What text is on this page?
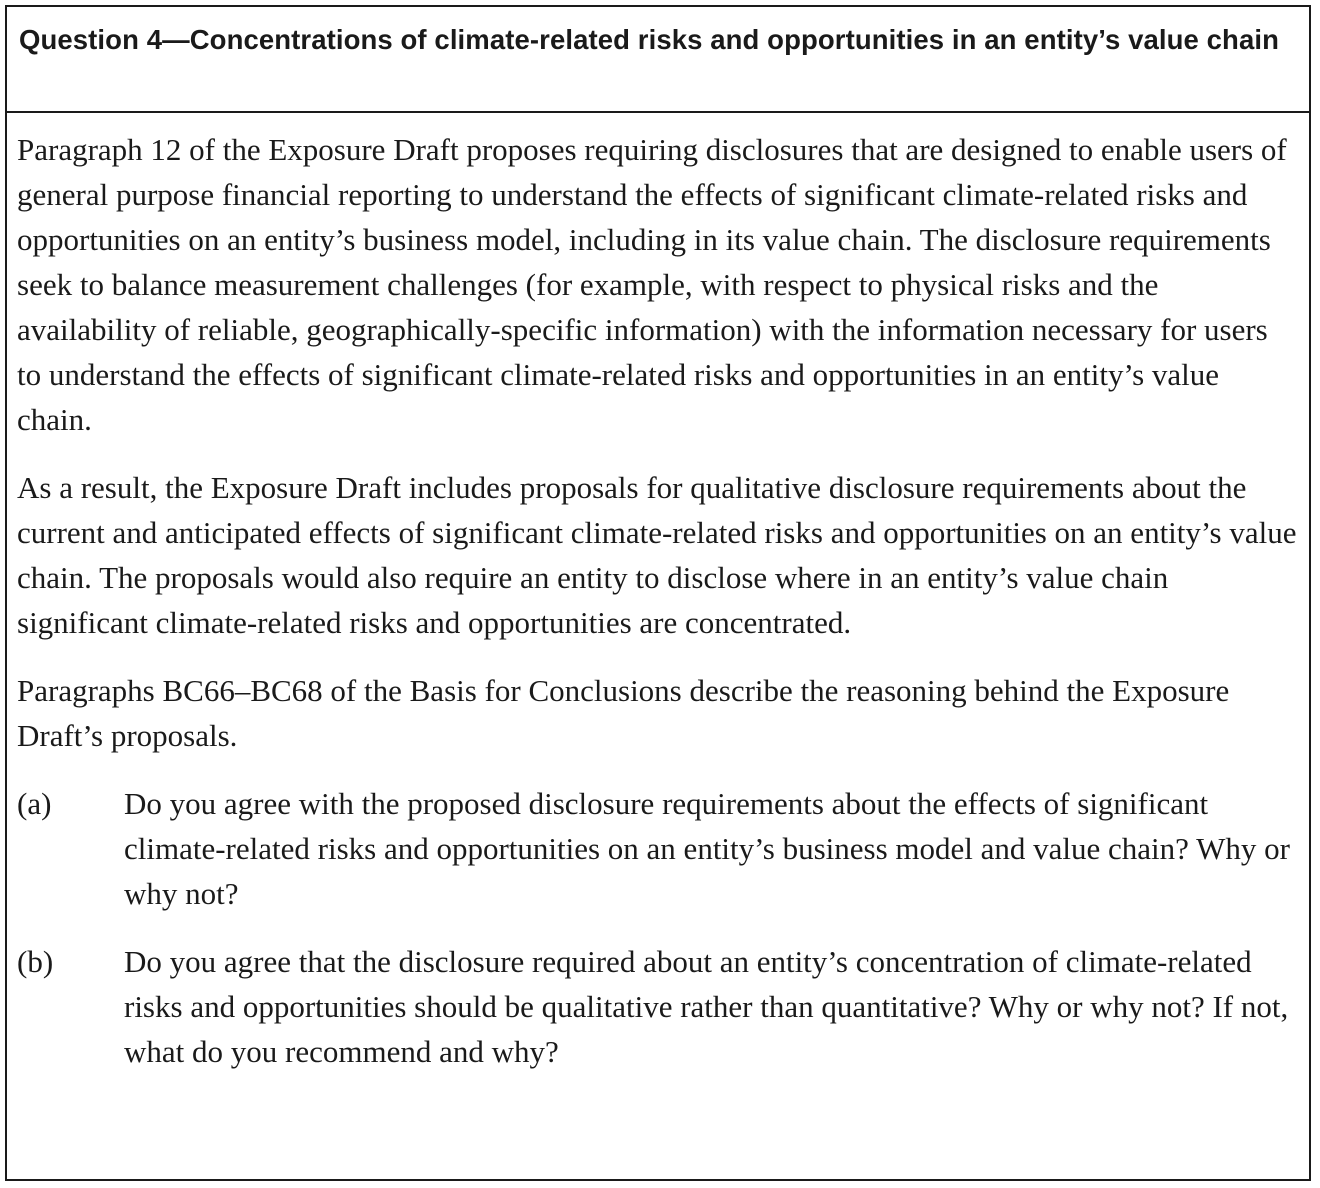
Question 4—Concentrations of climate-related risks and opportunities in an entity’s value chain

Paragraph 12 of the Exposure Draft proposes requiring disclosures that are designed to enable users of general purpose financial reporting to understand the effects of significant climate-related risks and opportunities on an entity’s business model, including in its value chain. The disclosure requirements seek to balance measurement challenges (for example, with respect to physical risks and the availability of reliable, geographically-specific information) with the information necessary for users to understand the effects of significant climate-related risks and opportunities in an entity’s value chain.

As a result, the Exposure Draft includes proposals for qualitative disclosure requirements about the current and anticipated effects of significant climate-related risks and opportunities on an entity’s value chain. The proposals would also require an entity to disclose where in an entity’s value chain significant climate-related risks and opportunities are concentrated.

Paragraphs BC66–BC68 of the Basis for Conclusions describe the reasoning behind the Exposure Draft’s proposals.

(a)	Do you agree with the proposed disclosure requirements about the effects of significant climate-related risks and opportunities on an entity’s business model and value chain? Why or why not?
(b)	Do you agree that the disclosure required about an entity’s concentration of climate-related risks and opportunities should be qualitative rather than quantitative? Why or why not? If not, what do you recommend and why?
